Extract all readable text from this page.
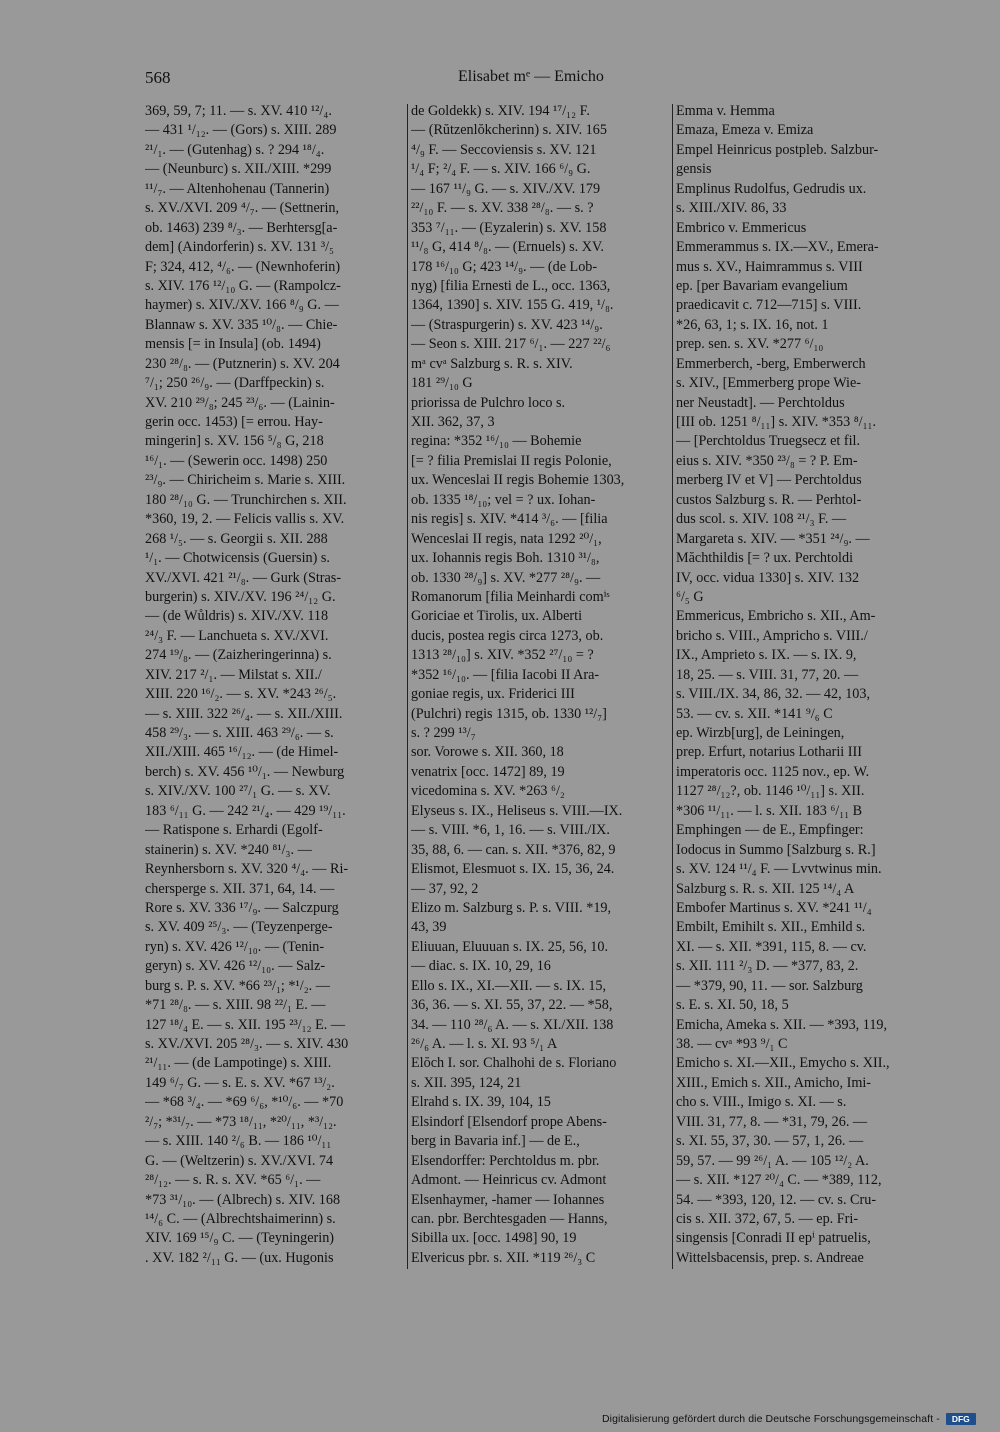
568	Elisabet mᵉ — Emicho
369, 59, 7; 11. — s. XV. 410 ¹²/₄.
— 431 ¹/₁₂. — (Gors) s. XIII. 289
²¹/₁. — (Gutenhag) s. ? 294 ¹⁸/₄.
— (Neunburc) s. XII./XIII. *299
¹¹/₇. — Altenhohenau (Tannerin)
s. XV./XVI. 209 ⁴/₇. — (Settnerin,
ob. 1463) 239 ⁸/₃. — Berhtersg[a-
dem] (Aindorferin) s. XV. 131 ³/₅
F; 324, 412, ⁴/₆. — (Newnhoferin)
s. XIV. 176 ¹²/₁₀ G. — (Rampolcz-
haymer) s. XIV./XV. 166 ⁸/₉ G. —
Blannaw s. XV. 335 ¹⁰/₈. — Chie-
mensis [= in Insula] (ob. 1494)
230 ²⁸/₈. — (Putznerin) s. XV. 204
⁷/₁; 250 ²⁶/₉. — (Darffpeckin) s.
XV. 210 ²⁹/₈; 245 ²³/₆. — (Lainin-
gerin occ. 1453) [= errou. Hay-
mingerin] s. XV. 156 ⁵/₈ G, 218
¹⁶/₁. — (Sewerin occ. 1498) 250
²³/₉. — Chiricheim s. Marie s. XIII.
180 ²⁸/₁₀ G. — Trunchirchen s. XII.
*360, 19, 2. — Felicis vallis s. XV.
268 ¹/₅. — s. Georgii s. XII. 288
¹/₁. — Chotwicensis (Guersin) s.
XV./XVI. 421 ²¹/₈. — Gurk (Stras-
burgerin) s. XIV./XV. 196 ²⁴/₁₂ G.
— (de Wůldris) s. XIV./XV. 118
²⁴/₃ F. — Lanchueta s. XV./XVI.
274 ¹⁹/₈. — (Zaizheringerinna) s.
XIV. 217 ²/₁. — Milstat s. XII./
XIII. 220 ¹⁶/₂. — s. XV. *243 ²⁶/₅.
— s. XIII. 322 ²⁶/₄. — s. XII./XIII.
458 ²⁹/₃. — s. XIII. 463 ²⁹/₆. — s.
XII./XIII. 465 ¹⁶/₁₂. — (de Himel-
berch) s. XV. 456 ¹⁰/₁. — Newburg
s. XIV./XV. 100 ²⁷/₁ G. — s. XV.
183 ⁶/₁₁ G. — 242 ²¹/₄. — 429 ¹⁹/₁₁.
— Ratispone s. Erhardi (Egolf-
stainerin) s. XV. *240 ⁸¹/₃. —
Reynhersborn s. XV. 320 ⁴/₄. — Ri-
chersperge s. XII. 371, 64, 14. —
Rore s. XV. 336 ¹⁷/₉. — Salczpurg
s. XV. 409 ²⁵/₃. — (Teyzenperge-
ryn) s. XV. 426 ¹²/₁₀. — (Tenin-
geryn) s. XV. 426 ¹²/₁₀. — Salz-
burg s. P. s. XV. *66 ²³/₁; *¹/₂. —
*71 ²⁸/₈. — s. XIII. 98 ²²/₁ E. —
127 ¹⁸/₄ E. — s. XII. 195 ²³/₁₂ E. —
s. XV./XVI. 205 ²⁸/₃. — s. XIV. 430
²¹/₁₁. — (de Lampotinge) s. XIII.
149 ⁶/₇ G. — s. E. s. XV. *67 ¹³/₂.
— *68 ³/₄. — *69 ⁶/₆, *¹⁰/₆. — *70
²/₇; *³¹/₇. — *73 ¹⁸/₁₁, *²⁰/₁₁, *³/₁₂.
— s. XIII. 140 ²/₆ B. — 186 ¹⁰/₁₁
G. — (Weltzerin) s. XV./XVI. 74
²⁸/₁₂. — s. R. s. XV. *65 ⁶/₁. —
*73 ³¹/₁₀. — (Albrech) s. XIV. 168
¹⁴/₆ C. — (Albrechtshaimerinn) s.
XIV. 169 ¹⁵/₉ C. — (Teyningerin)
. XV. 182 ²/₁₁ G. — (ux. Hugonis
de Goldekk) s. XIV. 194 ¹⁷/₁₂ F.
— (Rŭtzenlŏkcherinn) s. XIV. 165
⁴/₉ F. — Seccoviensis s. XV. 121
¹/₄ F; ²/₄ F. — s. XIV. 166 ⁶/₉ G.
— 167 ¹¹/₉ G. — s. XIV./XV. 179
²²/₁₀ F. — s. XV. 338 ²⁸/₈. — s. ?
353 ⁷/₁₁. — (Eyzalerin) s. XV. 158
¹¹/₈ G, 414 ⁸/₈. — (Ernuels) s. XV.
178 ¹⁶/₁₀ G; 423 ¹⁴/₉. — (de Lob-
nyg) [filia Ernesti de L., occ. 1363,
1364, 1390] s. XIV. 155 G. 419, ¹/₈.
— (Straspurgerin) s. XV. 423 ¹⁴/₉.
— Seon s. XIII. 217 ⁶/₁. — 227 ²²/₆
mᵃ cvᵃ Salzburg s. R. s. XIV.
181 ²⁹/₁₀ G
priorissa de Pulchro loco s.
XII. 362, 37, 3
regina: *352 ¹⁶/₁₀ — Bohemie
[= ? filia Premislai II regis Polonie,
ux. Wenceslai II regis Bohemie 1303,
ob. 1335 ¹⁸/₁₀; vel = ? ux. Iohan-
nis regis] s. XIV. *414 ³/₆. — [filia
Wenceslai II regis, nata 1292 ²⁰/₁,
ux. Iohannis regis Boh. 1310 ³¹/₈,
ob. 1330 ²⁸/₉] s. XV. *277 ²⁸/₉. —
Romanorum [filia Meinhardi comⁱˢ
Goriciae et Tirolis, ux. Alberti
ducis, postea regis circa 1273, ob.
1313 ²⁸/₁₀] s. XIV. *352 ²⁷/₁₀ = ?
*352 ¹⁶/₁₀. — [filia Iacobi II Ara-
goniae regis, ux. Friderici III
(Pulchri) regis 1315, ob. 1330 ¹²/₇]
s. ? 299 ¹³/₇
sor. Vorowe s. XII. 360, 18
venatrix [occ. 1472] 89, 19
vicedomina s. XV. *263 ⁶/₂
Elyseus s. IX., Heliseus s. VIII.—IX.
— s. VIII. *6, 1, 16. — s. VIII./IX.
35, 88, 6. — can. s. XII. *376, 82, 9
Elismot, Elesmuot s. IX. 15, 36, 24.
— 37, 92, 2
Elizo m. Salzburg s. P. s. VIII. *19,
43, 39
Eliuuan, Eluuuan s. IX. 25, 56, 10.
— diac. s. IX. 10, 29, 16
Ello s. IX., XI.—XII. — s. IX. 15,
36, 36. — s. XI. 55, 37, 22. — *58,
34. — 110 ²⁸/₆ A. — s. XI./XII. 138
²⁶/₆ A. — l. s. XI. 93 ⁵/₁ A
Elŏch I. sor. Chalhohi de s. Floriano
s. XII. 395, 124, 21
Elrahd s. IX. 39, 104, 15
Elsindorf [Elsendorf prope Abens-
berg in Bavaria inf.] — de E.,
Elsendorffer: Perchtoldus m. pbr.
Admont. — Heinricus cv. Admont
Elsenhaymer, -hamer — Iohannes
can. pbr. Berchtesgaden — Hanns,
Sibilla ux. [occ. 1498] 90, 19
Elvericus pbr. s. XII. *119 ²⁶/₃ C
Emma v. Hemma
Emaza, Emeza v. Emiza
Empel Heinricus postpleb. Salzbur-
gensis
Emplinus Rudolfus, Gedrudis ux.
s. XIII./XIV. 86, 33
Embrico v. Emmericus
Emmerammus s. IX.—XV., Emera-
mus s. XV., Haimrammus s. VIII
ep. [per Bavariam evangelium
praedicavit c. 712—715] s. VIII.
*26, 63, 1; s. IX. 16, not. 1
prep. sen. s. XV. *277 ⁶/₁₀
Emmerberch, -berg, Emberwerch
s. XIV., [Emmerberg prope Wie-
ner Neustadt]. — Perchtoldus
[III ob. 1251 ⁸/₁₁] s. XIV. *353 ⁸/₁₁.
— [Perchtoldus Truegsecz et fil.
eius s. XIV. *350 ²³/₈ = ? P. Em-
merberg IV et V] — Perchtoldus
custos Salzburg s. R. — Perhtol-
dus scol. s. XIV. 108 ²¹/₃ F. —
Margareta s. XIV. — *351 ²⁴/₉. —
Măchthildis [= ? ux. Perchtoldi
IV, occ. vidua 1330] s. XIV. 132
⁶/₅ G
Emmericus, Embricho s. XII., Am-
bricho s. VIII., Ampricho s. VIII./
IX., Amprieto s. IX. — s. IX. 9,
18, 25. — s. VIII. 31, 77, 20. —
s. VIII./IX. 34, 86, 32. — 42, 103,
53. — cv. s. XII. *141 ⁹/₆ C
ep. Wirzb[urg], de Leiningen,
prep. Erfurt, notarius Lotharii III
imperatoris occ. 1125 nov., ep. W.
1127 ²⁸/₁₂?, ob. 1146 ¹⁰/₁₁] s. XII.
*306 ¹¹/₁₁. — l. s. XII. 183 ⁶/₁₁ B
Emphingen — de E., Empfinger:
Iodocus in Summo [Salzburg s. R.]
s. XV. 124 ¹¹/₄ F. — Lvvtwinus min.
Salzburg s. R. s. XII. 125 ¹⁴/₄ A
Embofer Martinus s. XV. *241 ¹¹/₄
Embilt, Emihilt s. XII., Emhild s.
XI. — s. XII. *391, 115, 8. — cv.
s. XII. 111 ²/₃ D. — *377, 83, 2.
— *379, 90, 11. — sor. Salzburg
s. E. s. XI. 50, 18, 5
Emicha, Ameka s. XII. — *393, 119,
38. — cvᵃ *93 ⁹/₁ C
Emicho s. XI.—XII., Emycho s. XII.,
XIII., Emich s. XII., Amicho, Imi-
cho s. VIII., Imigo s. XI. — s.
VIII. 31, 77, 8. — *31, 79, 26. —
s. XI. 55, 37, 30. — 57, 1, 26. —
59, 57. — 99 ²⁶/₁ A. — 105 ¹²/₂ A.
— s. XII. *127 ²⁰/₄ C. — *389, 112,
54. — *393, 120, 12. — cv. s. Cru-
cis s. XII. 372, 67, 5. — ep. Fri-
singensis [Conradi II epⁱ patruelis,
Wittelsbacensis, prep. s. Andreae
Digitalisierung gefördert durch die Deutsche Forschungsgemeinschaft -	DFG
